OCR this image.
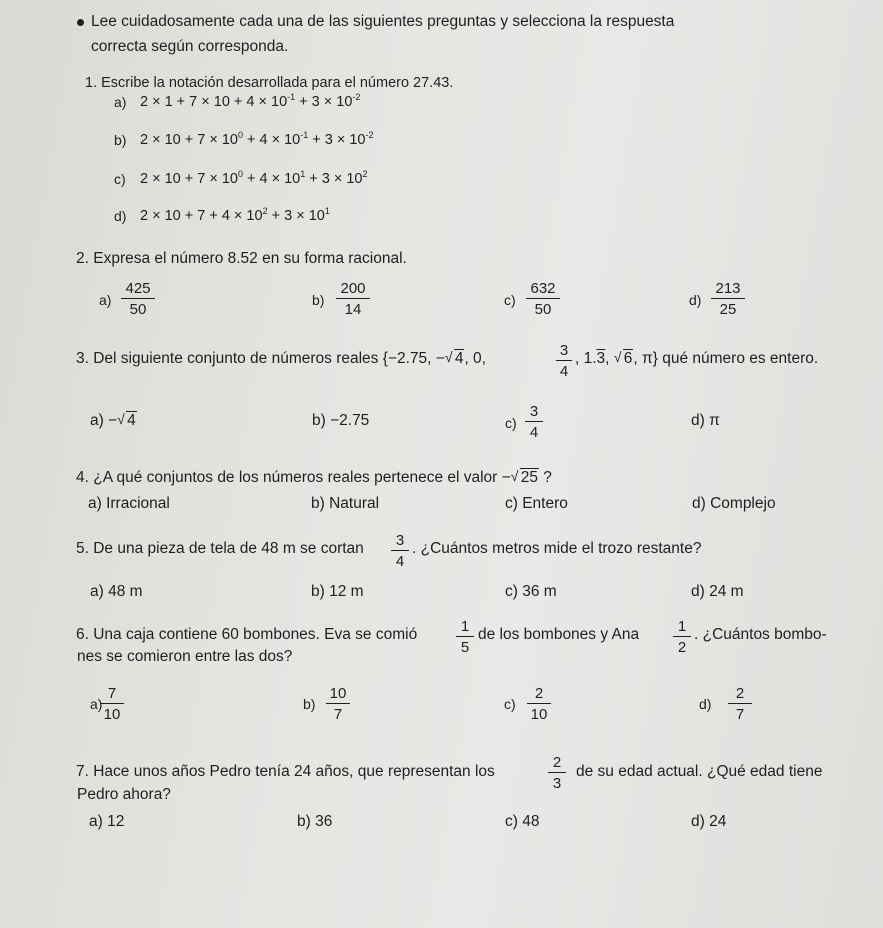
Lee cuidadosamente cada una de las siguientes preguntas y selecciona la respuesta
correcta según corresponda.
1. Escribe la notación desarrollada para el número 27.43.
a) $2 \times 1 + 7 \times 10 + 4 \times 10^{-1} + 3 \times 10^{-2}$
b) $2 \times 10 + 7 \times 10^0 + 4 \times 10^{-1} + 3 \times 10^{-2}$
c) $2 \times 10 + 7 \times 10^0 + 4 \times 10^1 + 3 \times 10^2$
d) $2 \times 10 + 7 + 4 \times 10^2 + 3 \times 10^1$
2. Expresa el número 8.52 en su forma racional.
$a) \frac{425}{50}$	$b) \frac{200}{14}$	$c) \frac{632}{50}$	$d) \frac{213}{25}$
3. Del siguiente conjunto de números reales {−2.75, − √ 4, 0,	$\frac{3}{4}$ , 1.3, √ 6, π} qué número es entero.
a) − √ 4	b) −2.75	$c) \frac{3}{4}$	d) π
4. ¿A qué conjuntos de los números reales pertenece el valor − √ 25 ?
a) Irracional	b) Natural	c) Entero	d) Complejo
5. De una pieza de tela de 48 m se cortan $\frac{3}{4}$ . ¿Cuántos metros mide el trozo restante?
a) 48 m	b) 12 m	c) 36 m	d) 24 m
6. Una caja contiene 60 bombones. Eva se comió	$\frac{1}{5}$ de los bombones y Ana $\frac{1}{2}$ . ¿Cuántos bombo-
nes se comieron entre las dos?
a)
$\frac{7}{10}$	$b) \frac{10}{7}$	$c) \frac{2}{10}$	$d) \frac{2}{7}$
7. Hace unos años Pedro tenía 24 años, que representan los	$\frac{2}{3}$ de su edad actual. ¿Qué edad tiene
Pedro ahora?
a) 12	b) 36	c) 48	d) 24
